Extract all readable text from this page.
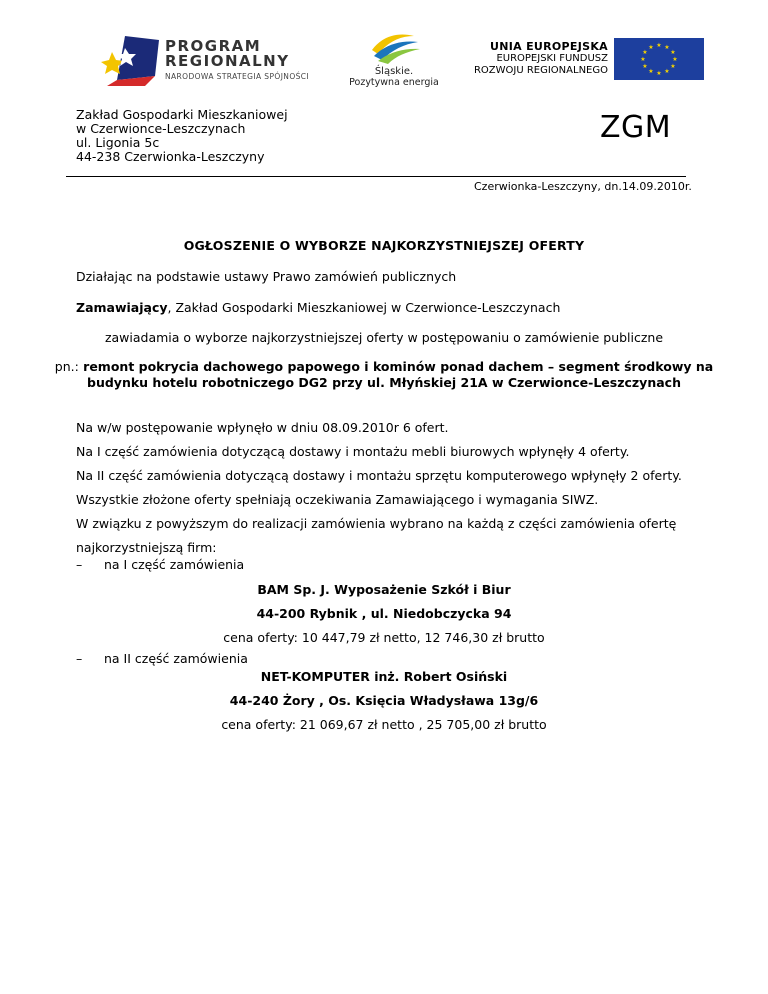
PROGRAM
REGIONALNY
NARODOWA STRATEGIA SPÓJNOŚCI	Śląskie.
Pozytywna energia
UNIA EUROPEJSKA
EUROPEJSKI FUNDUSZ
ROZWOJU REGIONALNEGO
★ ★
★
★
★
★
★
★
★
★
★
★
Zakład Gospodarki Mieszkaniowej
w Czerwionce-Leszczynach
ul. Ligonia 5c
44-238 Czerwionka-Leszczyny
ZGM
Czerwionka-Leszczyny, dn.14.09.2010r.
OGŁOSZENIE O WYBORZE NAJKORZYSTNIEJSZEJ OFERTY
Działając na podstawie ustawy Prawo zamówień publicznych
Zamawiający, Zakład Gospodarki Mieszkaniowej w Czerwionce-Leszczynach
zawiadamia o wyborze najkorzystniejszej oferty w postępowaniu o zamówienie publiczne
pn.: remont pokrycia dachowego papowego i kominów ponad dachem – segment środkowy na
budynku hotelu robotniczego DG2 przy ul. Młyńskiej 21A w Czerwionce-Leszczynach
Na w/w postępowanie wpłynęło w dniu 08.09.2010r 6 ofert.
Na I część zamówienia dotyczącą dostawy i montażu mebli biurowych wpłynęły 4 oferty.
Na II część zamówienia dotyczącą dostawy i montażu sprzętu komputerowego wpłynęły 2 oferty.
Wszystkie złożone oferty spełniają oczekiwania Zamawiającego i wymagania SIWZ.
W związku z powyższym do realizacji zamówienia wybrano na każdą z części zamówienia ofertę
najkorzystniejszą firm:
– na I część zamówienia
BAM Sp. J. Wyposażenie Szkół i Biur
44-200 Rybnik , ul. Niedobczycka 94
cena oferty: 10 447,79 zł netto, 12 746,30 zł brutto
– na II część zamówienia
NET-KOMPUTER inż. Robert Osiński
44-240 Żory , Os. Księcia Władysława 13g/6
cena oferty: 21 069,67 zł netto , 25 705,00 zł brutto
